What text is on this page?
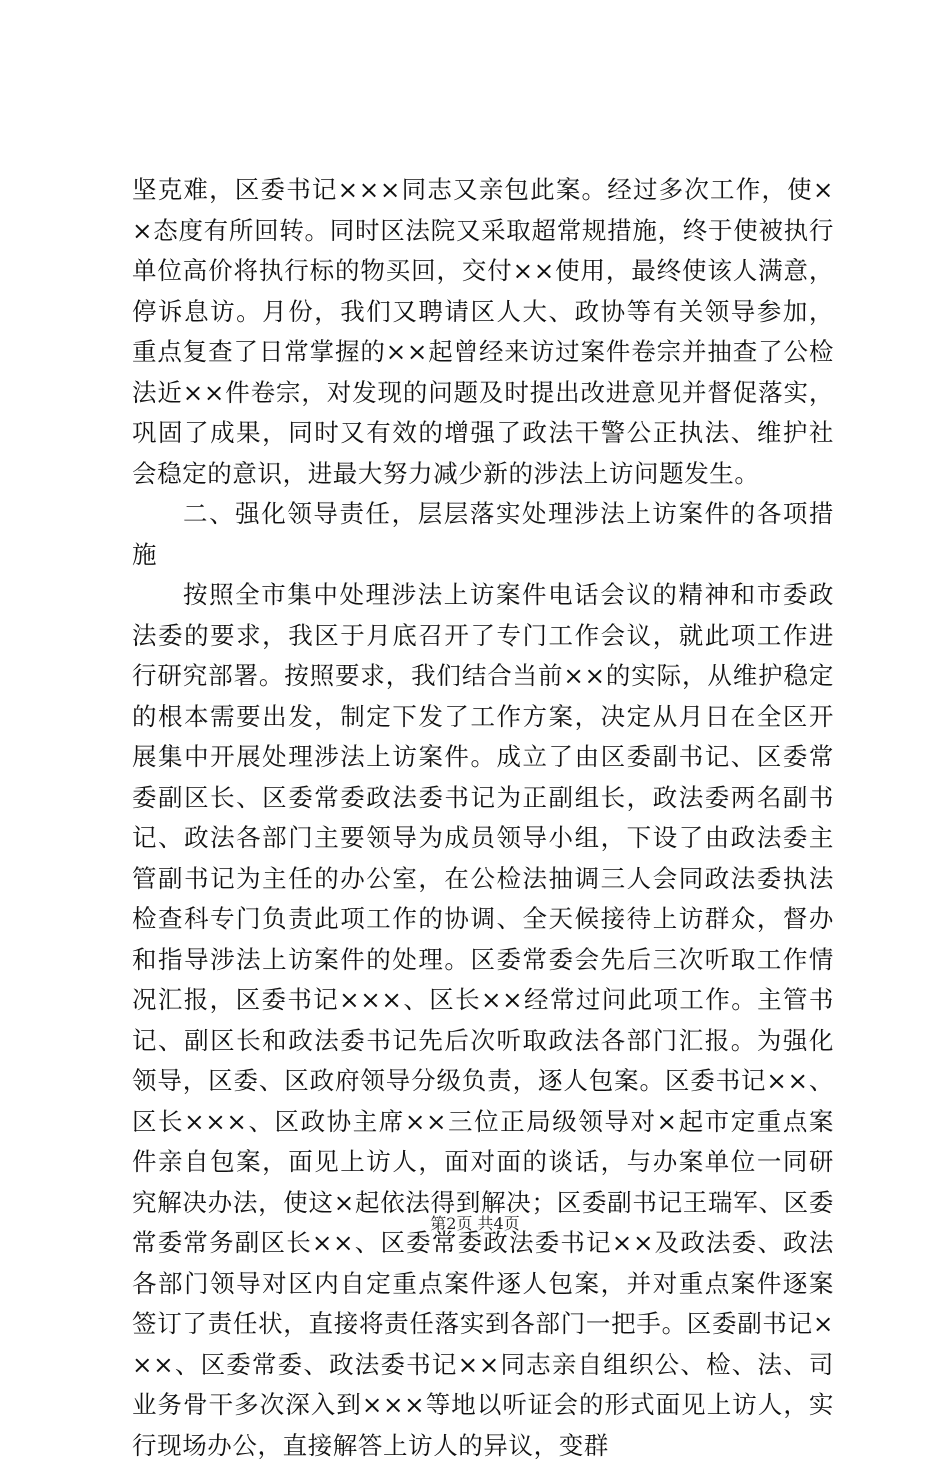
坚克难，区委书记×××同志又亲包此案。经过多次工作，使××态度有所回转。同时区法院又采取超常规措施，终于使被执行单位高价将执行标的物买回，交付××使用，最终使该人满意，停诉息访。月份，我们又聘请区人大、政协等有关领导参加，重点复查了日常掌握的××起曾经来访过案件卷宗并抽查了公检法近××件卷宗，对发现的问题及时提出改进意见并督促落实，巩固了成果，同时又有效的增强了政法干警公正执法、维护社会稳定的意识，进最大努力减少新的涉法上访问题发生。

二、强化领导责任，层层落实处理涉法上访案件的各项措施

按照全市集中处理涉法上访案件电话会议的精神和市委政法委的要求，我区于月底召开了专门工作会议，就此项工作进行研究部署。按照要求，我们结合当前××的实际，从维护稳定的根本需要出发，制定下发了工作方案，决定从月日在全区开展集中开展处理涉法上访案件。成立了由区委副书记、区委常委副区长、区委常委政法委书记为正副组长，政法委两名副书记、政法各部门主要领导为成员领导小组，下设了由政法委主管副书记为主任的办公室，在公检法抽调三人会同政法委执法检查科专门负责此项工作的协调、全天候接待上访群众，督办和指导涉法上访案件的处理。区委常委会先后三次听取工作情况汇报，区委书记×××、区长××经常过问此项工作。主管书记、副区长和政法委书记先后次听取政法各部门汇报。为强化领导，区委、区政府领导分级负责，逐人包案。区委书记××、区长×××、区政协主席××三位正局级领导对×起市定重点案件亲自包案，面见上访人，面对面的谈话，与办案单位一同研究解决办法，使这×起依法得到解决；区委副书记王瑞军、区委常委常务副区长××、区委常委政法委书记××及政法委、政法各部门领导对区内自定重点案件逐人包案，并对重点案件逐案签订了责任状，直接将责任落实到各部门一把手。区委副书记×××、区委常委、政法委书记××同志亲自组织公、检、法、司业务骨干多次深入到×××等地以听证会的形式面见上访人，实行现场办公，直接解答上访人的异议，变群

第2页 共4页
